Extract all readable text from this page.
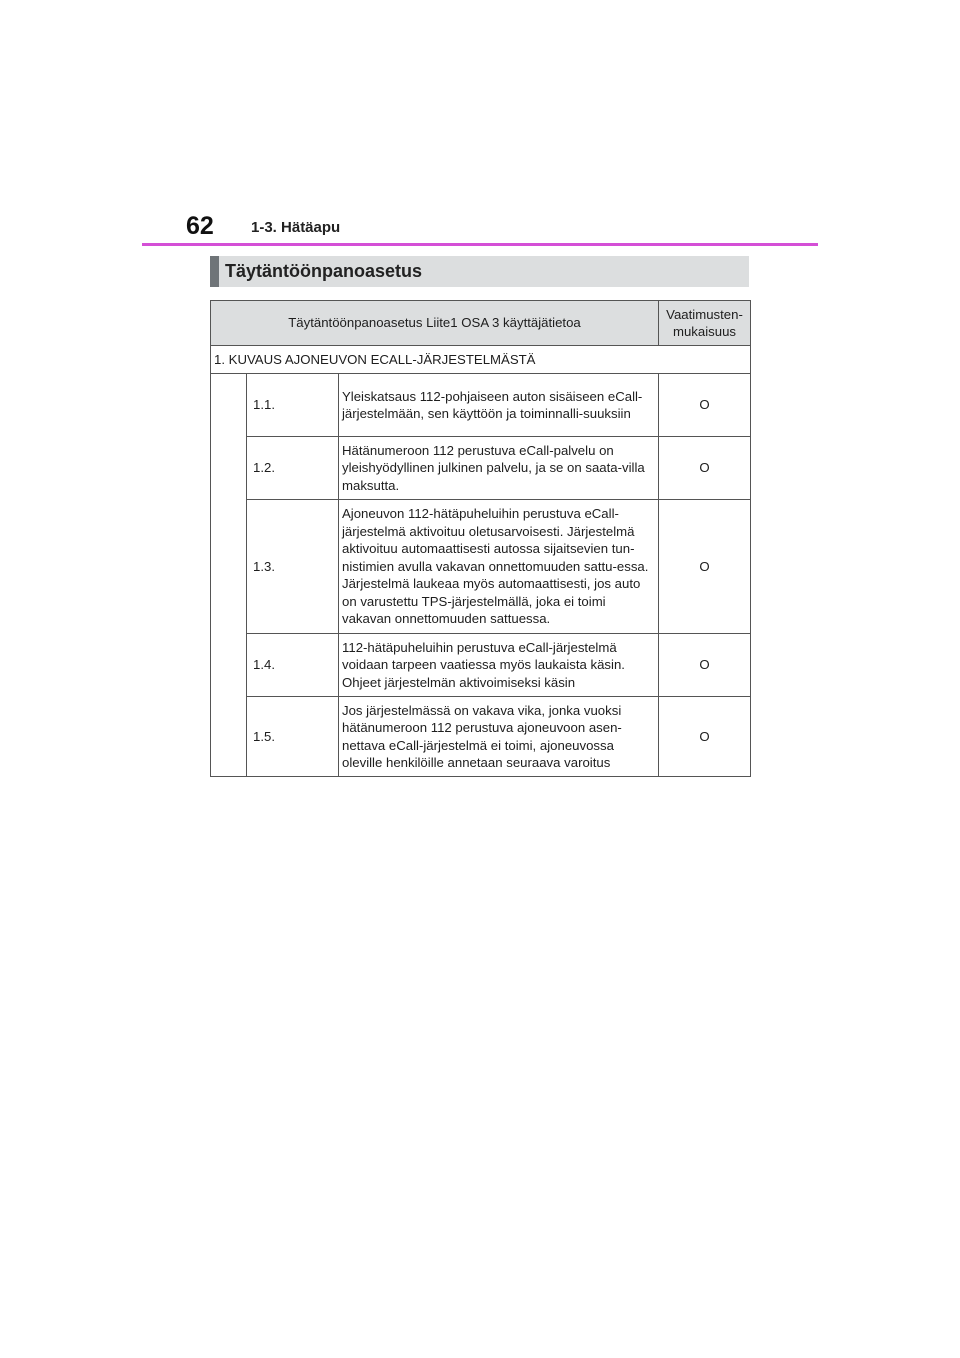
62 1-3. Hätäapu
Täytäntöönpanoasetus
Täytäntöönpanoasetus Liite1 OSA 3 käyttäjätietoa			Vaatimusten-mukaisuus
1. KUVAUS AJONEUVON ECALL-JÄRJESTELMÄSTÄ			
	1.1.	Yleiskatsaus 112-pohjaiseen auton sisäiseen eCall-järjestelmään, sen käyttöön ja toiminnalli-suuksiin	O
	1.2.	Hätänumeroon 112 perustuva eCall-palvelu on yleishyödyllinen julkinen palvelu, ja se on saata-villa maksutta.	O
	1.3.	Ajoneuvon 112-hätäpuheluihin perustuva eCall-järjestelmä aktivoituu oletusarvoisesti. Järjestelmä aktivoituu automaattisesti autossa sijaitsevien tun-nistimien avulla vakavan onnettomuuden sattu-essa. Järjestelmä laukeaa myös automaattisesti, jos auto on varustettu TPS-järjestelmällä, joka ei toimi vakavan onnettomuuden sattuessa.	O
	1.4.	112-hätäpuheluihin perustuva eCall-järjestelmä voidaan tarpeen vaatiessa myös laukaista käsin. Ohjeet järjestelmän aktivoimiseksi käsin	O
	1.5.	Jos järjestelmässä on vakava vika, jonka vuoksi hätänumeroon 112 perustuva ajoneuvoon asen-nettava eCall-järjestelmä ei toimi, ajoneuvossa oleville henkilöille annetaan seuraava varoitus	O
